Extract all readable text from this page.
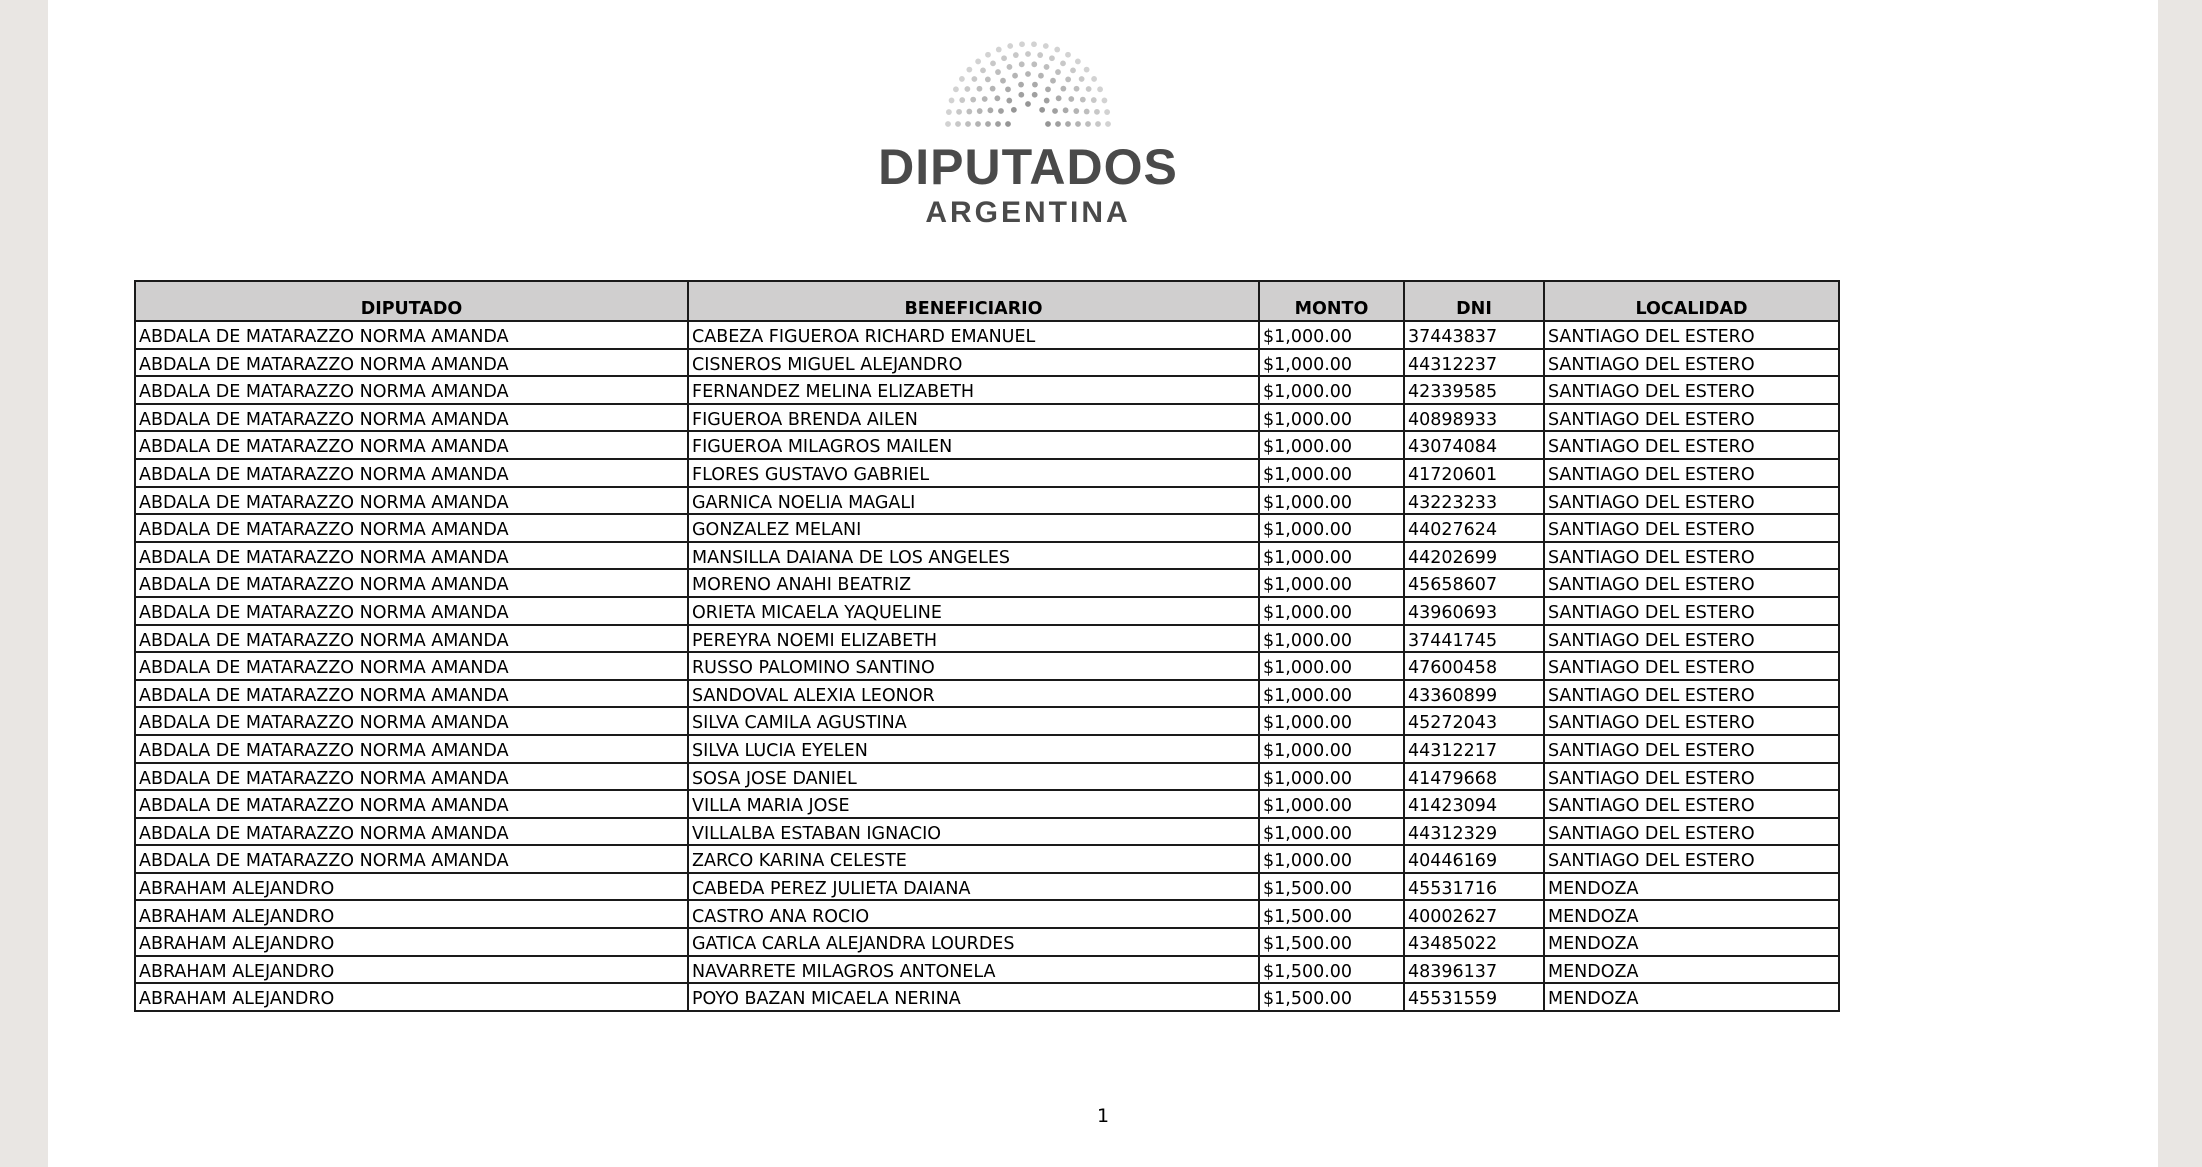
DIPUTADOS
ARGENTINA
DIPUTADO	BENEFICIARIO	MONTO	DNI	LOCALIDAD
ABDALA DE MATARAZZO NORMA AMANDA	CABEZA FIGUEROA RICHARD EMANUEL	$1,000.00	37443837	SANTIAGO DEL ESTERO
ABDALA DE MATARAZZO NORMA AMANDA	CISNEROS MIGUEL ALEJANDRO	$1,000.00	44312237	SANTIAGO DEL ESTERO
ABDALA DE MATARAZZO NORMA AMANDA	FERNANDEZ MELINA ELIZABETH	$1,000.00	42339585	SANTIAGO DEL ESTERO
ABDALA DE MATARAZZO NORMA AMANDA	FIGUEROA BRENDA AILEN	$1,000.00	40898933	SANTIAGO DEL ESTERO
ABDALA DE MATARAZZO NORMA AMANDA	FIGUEROA MILAGROS MAILEN	$1,000.00	43074084	SANTIAGO DEL ESTERO
ABDALA DE MATARAZZO NORMA AMANDA	FLORES GUSTAVO GABRIEL	$1,000.00	41720601	SANTIAGO DEL ESTERO
ABDALA DE MATARAZZO NORMA AMANDA	GARNICA NOELIA MAGALI	$1,000.00	43223233	SANTIAGO DEL ESTERO
ABDALA DE MATARAZZO NORMA AMANDA	GONZALEZ MELANI	$1,000.00	44027624	SANTIAGO DEL ESTERO
ABDALA DE MATARAZZO NORMA AMANDA	MANSILLA DAIANA DE LOS ANGELES	$1,000.00	44202699	SANTIAGO DEL ESTERO
ABDALA DE MATARAZZO NORMA AMANDA	MORENO ANAHI BEATRIZ	$1,000.00	45658607	SANTIAGO DEL ESTERO
ABDALA DE MATARAZZO NORMA AMANDA	ORIETA MICAELA YAQUELINE	$1,000.00	43960693	SANTIAGO DEL ESTERO
ABDALA DE MATARAZZO NORMA AMANDA	PEREYRA NOEMI ELIZABETH	$1,000.00	37441745	SANTIAGO DEL ESTERO
ABDALA DE MATARAZZO NORMA AMANDA	RUSSO PALOMINO SANTINO	$1,000.00	47600458	SANTIAGO DEL ESTERO
ABDALA DE MATARAZZO NORMA AMANDA	SANDOVAL ALEXIA LEONOR	$1,000.00	43360899	SANTIAGO DEL ESTERO
ABDALA DE MATARAZZO NORMA AMANDA	SILVA CAMILA AGUSTINA	$1,000.00	45272043	SANTIAGO DEL ESTERO
ABDALA DE MATARAZZO NORMA AMANDA	SILVA LUCIA EYELEN	$1,000.00	44312217	SANTIAGO DEL ESTERO
ABDALA DE MATARAZZO NORMA AMANDA	SOSA JOSE DANIEL	$1,000.00	41479668	SANTIAGO DEL ESTERO
ABDALA DE MATARAZZO NORMA AMANDA	VILLA MARIA JOSE	$1,000.00	41423094	SANTIAGO DEL ESTERO
ABDALA DE MATARAZZO NORMA AMANDA	VILLALBA ESTABAN IGNACIO	$1,000.00	44312329	SANTIAGO DEL ESTERO
ABDALA DE MATARAZZO NORMA AMANDA	ZARCO KARINA CELESTE	$1,000.00	40446169	SANTIAGO DEL ESTERO
ABRAHAM ALEJANDRO	CABEDA PEREZ JULIETA DAIANA	$1,500.00	45531716	MENDOZA
ABRAHAM ALEJANDRO	CASTRO ANA ROCIO	$1,500.00	40002627	MENDOZA
ABRAHAM ALEJANDRO	GATICA CARLA ALEJANDRA LOURDES	$1,500.00	43485022	MENDOZA
ABRAHAM ALEJANDRO	NAVARRETE MILAGROS ANTONELA	$1,500.00	48396137	MENDOZA
ABRAHAM ALEJANDRO	POYO BAZAN MICAELA NERINA	$1,500.00	45531559	MENDOZA
1
